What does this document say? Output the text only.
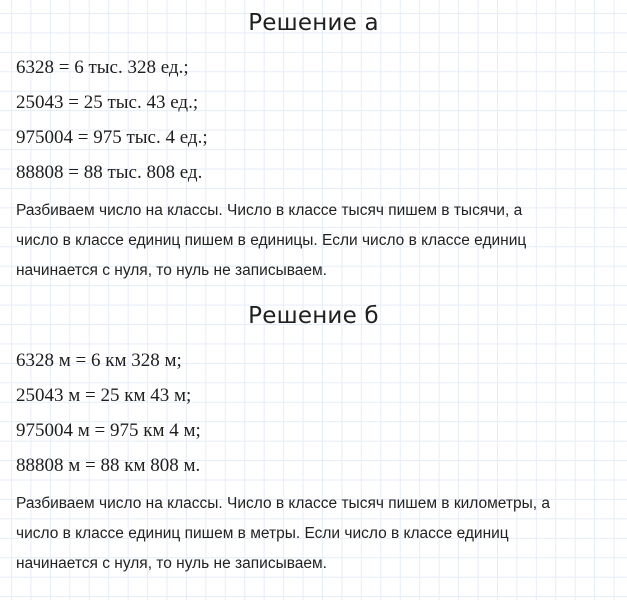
Решение а
6328 = 6 тыс. 328 ед.;
25043 = 25 тыс. 43 ед.;
975004 = 975 тыс. 4 ед.;
88808 = 88 тыс. 808 ед.
Разбиваем число на классы. Число в классе тысяч пишем в тысячи, а
число в классе единиц пишем в единицы. Если число в классе единиц
начинается с нуля, то нуль не записываем.
Решение б
6328 м = 6 км 328 м;
25043 м = 25 км 43 м;
975004 м = 975 км 4 м;
88808 м = 88 км 808 м.
Разбиваем число на классы. Число в классе тысяч пишем в километры, а
число в классе единиц пишем в метры. Если число в классе единиц
начинается с нуля, то нуль не записываем.
